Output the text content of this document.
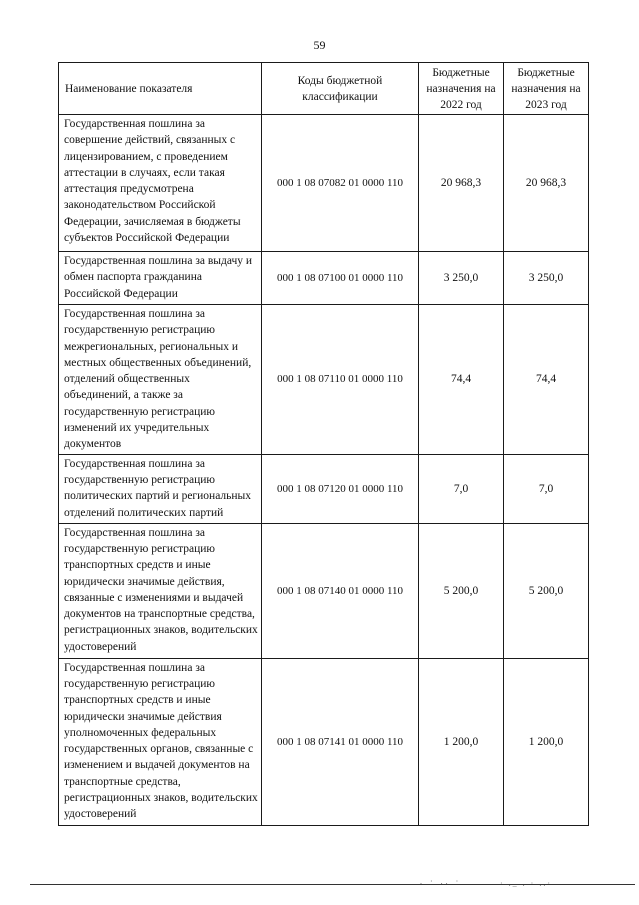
59
Наименование показателя	Коды бюджетной классификации	Бюджетные назначения на 2022 год	Бюджетные назначения на 2023 год
Государственная пошлина за совершение действий, связанных с лицензированием, с проведением аттестации в случаях, если такая аттестация предусмотрена законодательством Российской Федерации, зачисляемая в бюджеты субъектов Российской Федерации	000 1 08 07082 01 0000 110	20 968,3	20 968,3
Государственная пошлина за выдачу и обмен паспорта гражданина Российской Федерации	000 1 08 07100 01 0000 110	3 250,0	3 250,0
Государственная пошлина за государственную регистрацию межрегиональных, региональных и местных общественных объединений, отделений общественных объединений, а также за государственную регистрацию изменений их учредительных документов	000 1 08 07110 01 0000 110	74,4	74,4
Государственная пошлина за государственную регистрацию политических партий и региональных отделений политических партий	000 1 08 07120 01 0000 110	7,0	7,0
Государственная пошлина за государственную регистрацию транспортных средств и иные юридически значимые действия, связанные с изменениями и выдачей документов на транспортные средства, регистрационных знаков, водительских удостоверений	000 1 08 07140 01 0000 110	5 200,0	5 200,0
Государственная пошлина за государственную регистрацию транспортных средств и иные юридически значимые действия уполномоченных федеральных государственных органов, связанные с изменением и выдачей документов на транспортные средства, регистрационных знаков, водительских удостоверений	000 1 08 07141 01 0000 110	1 200,0	1 200,0
. · .. ·	· ._ . · ..·
